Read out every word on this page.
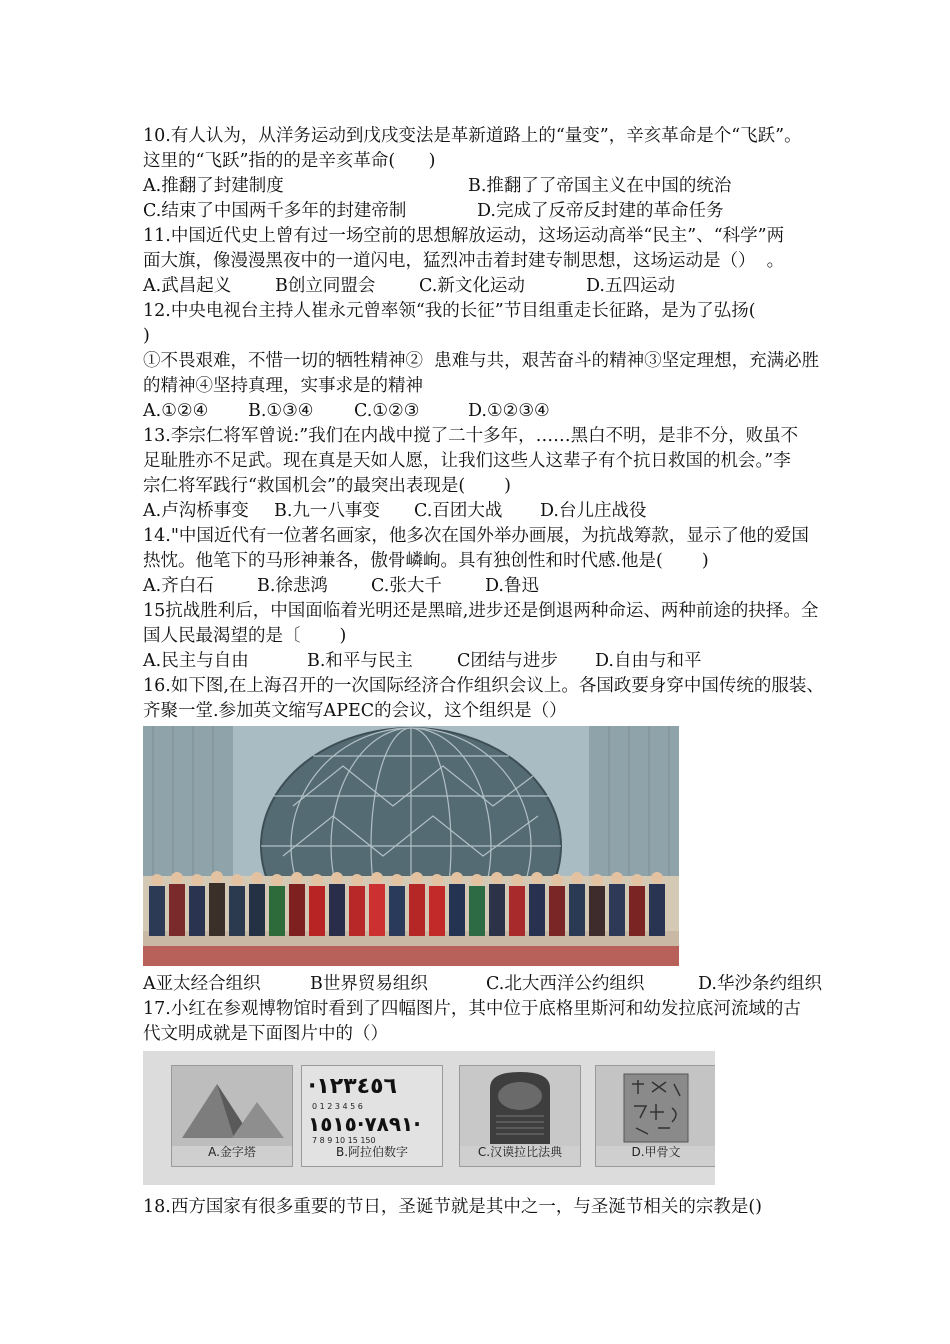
10.有人认为，从洋务运动到戊戌变法是革新道路上的“量变”，辛亥革命是个“飞跃”。
这里的“飞跃”指的的是辛亥革命(      )
A.推翻了封建制度	B.推翻了了帝国主义在中国的统治
C.结束了中国两千多年的封建帝制	D.完成了反帝反封建的革命任务
11.中国近代史上曾有过一场空前的思想解放运动，这场运动高举“民主”、“科学”两
面大旗，像漫漫黑夜中的一道闪电，猛烈冲击着封建专制思想，这场运动是（）  。
A.武昌起义	B创立同盟会	C.新文化运动	D.五四运动
12.中央电视台主持人崔永元曾率领“我的长征”节目组重走长征路，是为了弘扬(
)
①不畏艰难，不惜一切的牺牲精神②  患难与共，艰苦奋斗的精神③坚定理想，充满必胜
的精神④坚持真理，实事求是的精神
A.①②④	B.①③④	C.①②③	D.①②③④
13.李宗仁将军曾说:”我们在内战中搅了二十多年，……黑白不明，是非不分，败虽不
足耻胜亦不足武。现在真是天如人愿，让我们这些人这辈子有个抗日救国的机会。”李
宗仁将军践行“救国机会”的最突出表现是(       )
A.卢沟桥事变	B.九一八事变	C.百团大战	D.台儿庄战役
14."中国近代有一位著名画家，他多次在国外举办画展，为抗战筹款，显示了他的爱国
热忱。他笔下的马形神兼各，傲骨嶙峋。具有独创性和时代感.他是(       )
A.齐白石	B.徐悲鸿	C.张大千	D.鲁迅
15抗战胜利后，中国面临着光明还是黑暗,进步还是倒退两种命运、两种前途的抉择。全
国人民最渴望的是〔       )
A.民主与自由	B.和平与民主	C团结与进步	D.自由与和平
16.如下图,在上海召开的一次国际经济合作组织会议上。各国政要身穿中国传统的服装、
齐聚一堂.参加英文缩写APEC的会议，这个组织是（）
A亚太经合组织	B世界贸易组织	C.北大西洋公约组织	D.华沙条约组织
17.小红在参观博物馆时看到了四幅图片，其中位于底格里斯河和幼发拉底河流域的古
代文明成就是下面图片中的（）
A.金字塔
·١٢٣٤٥٦
0 1 2 3 4 5 6
٧٨٩١·١٥١٥·
7 8 9 10 15 150
B.阿拉伯数字	C.汉谟拉比法典	D.甲骨文
18.西方国家有很多重要的节日，圣诞节就是其中之一，与圣涎节相关的宗教是()
